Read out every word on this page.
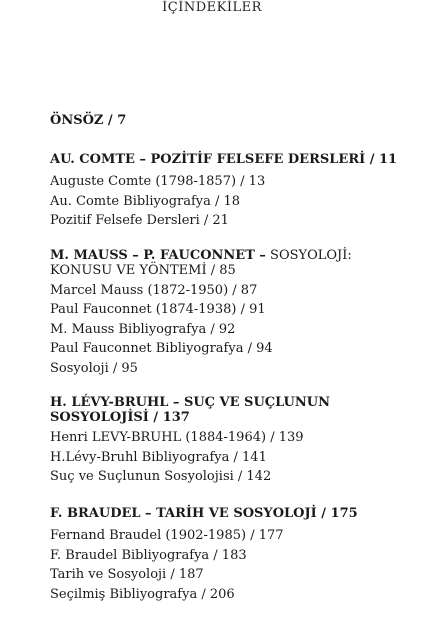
İÇİNDEKİLER
ÖNSÖZ / 7
AU. COMTE – POZİTİF FELSEFE DERSLERİ / 11
Auguste Comte (1798-1857) / 13
Au. Comte Bibliyografya / 18
Pozitif Felsefe Dersleri / 21
M. MAUSS – P. FAUCONNET – SOSYOLOJİ: KONUSU VE YÖNTEMİ / 85
Marcel Mauss (1872-1950) / 87
Paul Fauconnet (1874-1938) / 91
M. Mauss Bibliyografya / 92
Paul Fauconnet Bibliyografya / 94
Sosyoloji / 95
H. LÉVY-BRUHL – SUÇ VE SUÇLUNUN SOSYOLOJİSİ / 137
Henri LEVY-BRUHL (1884-1964) / 139
H.Lévy-Bruhl Bibliyografya / 141
Suç ve Suçlunun Sosyolojisi / 142
F. BRAUDEL – TARİH VE SOSYOLOJİ / 175
Fernand Braudel (1902-1985) / 177
F. Braudel Bibliyografya / 183
Tarih ve Sosyoloji / 187
Seçilmiş Bibliyografya / 206
